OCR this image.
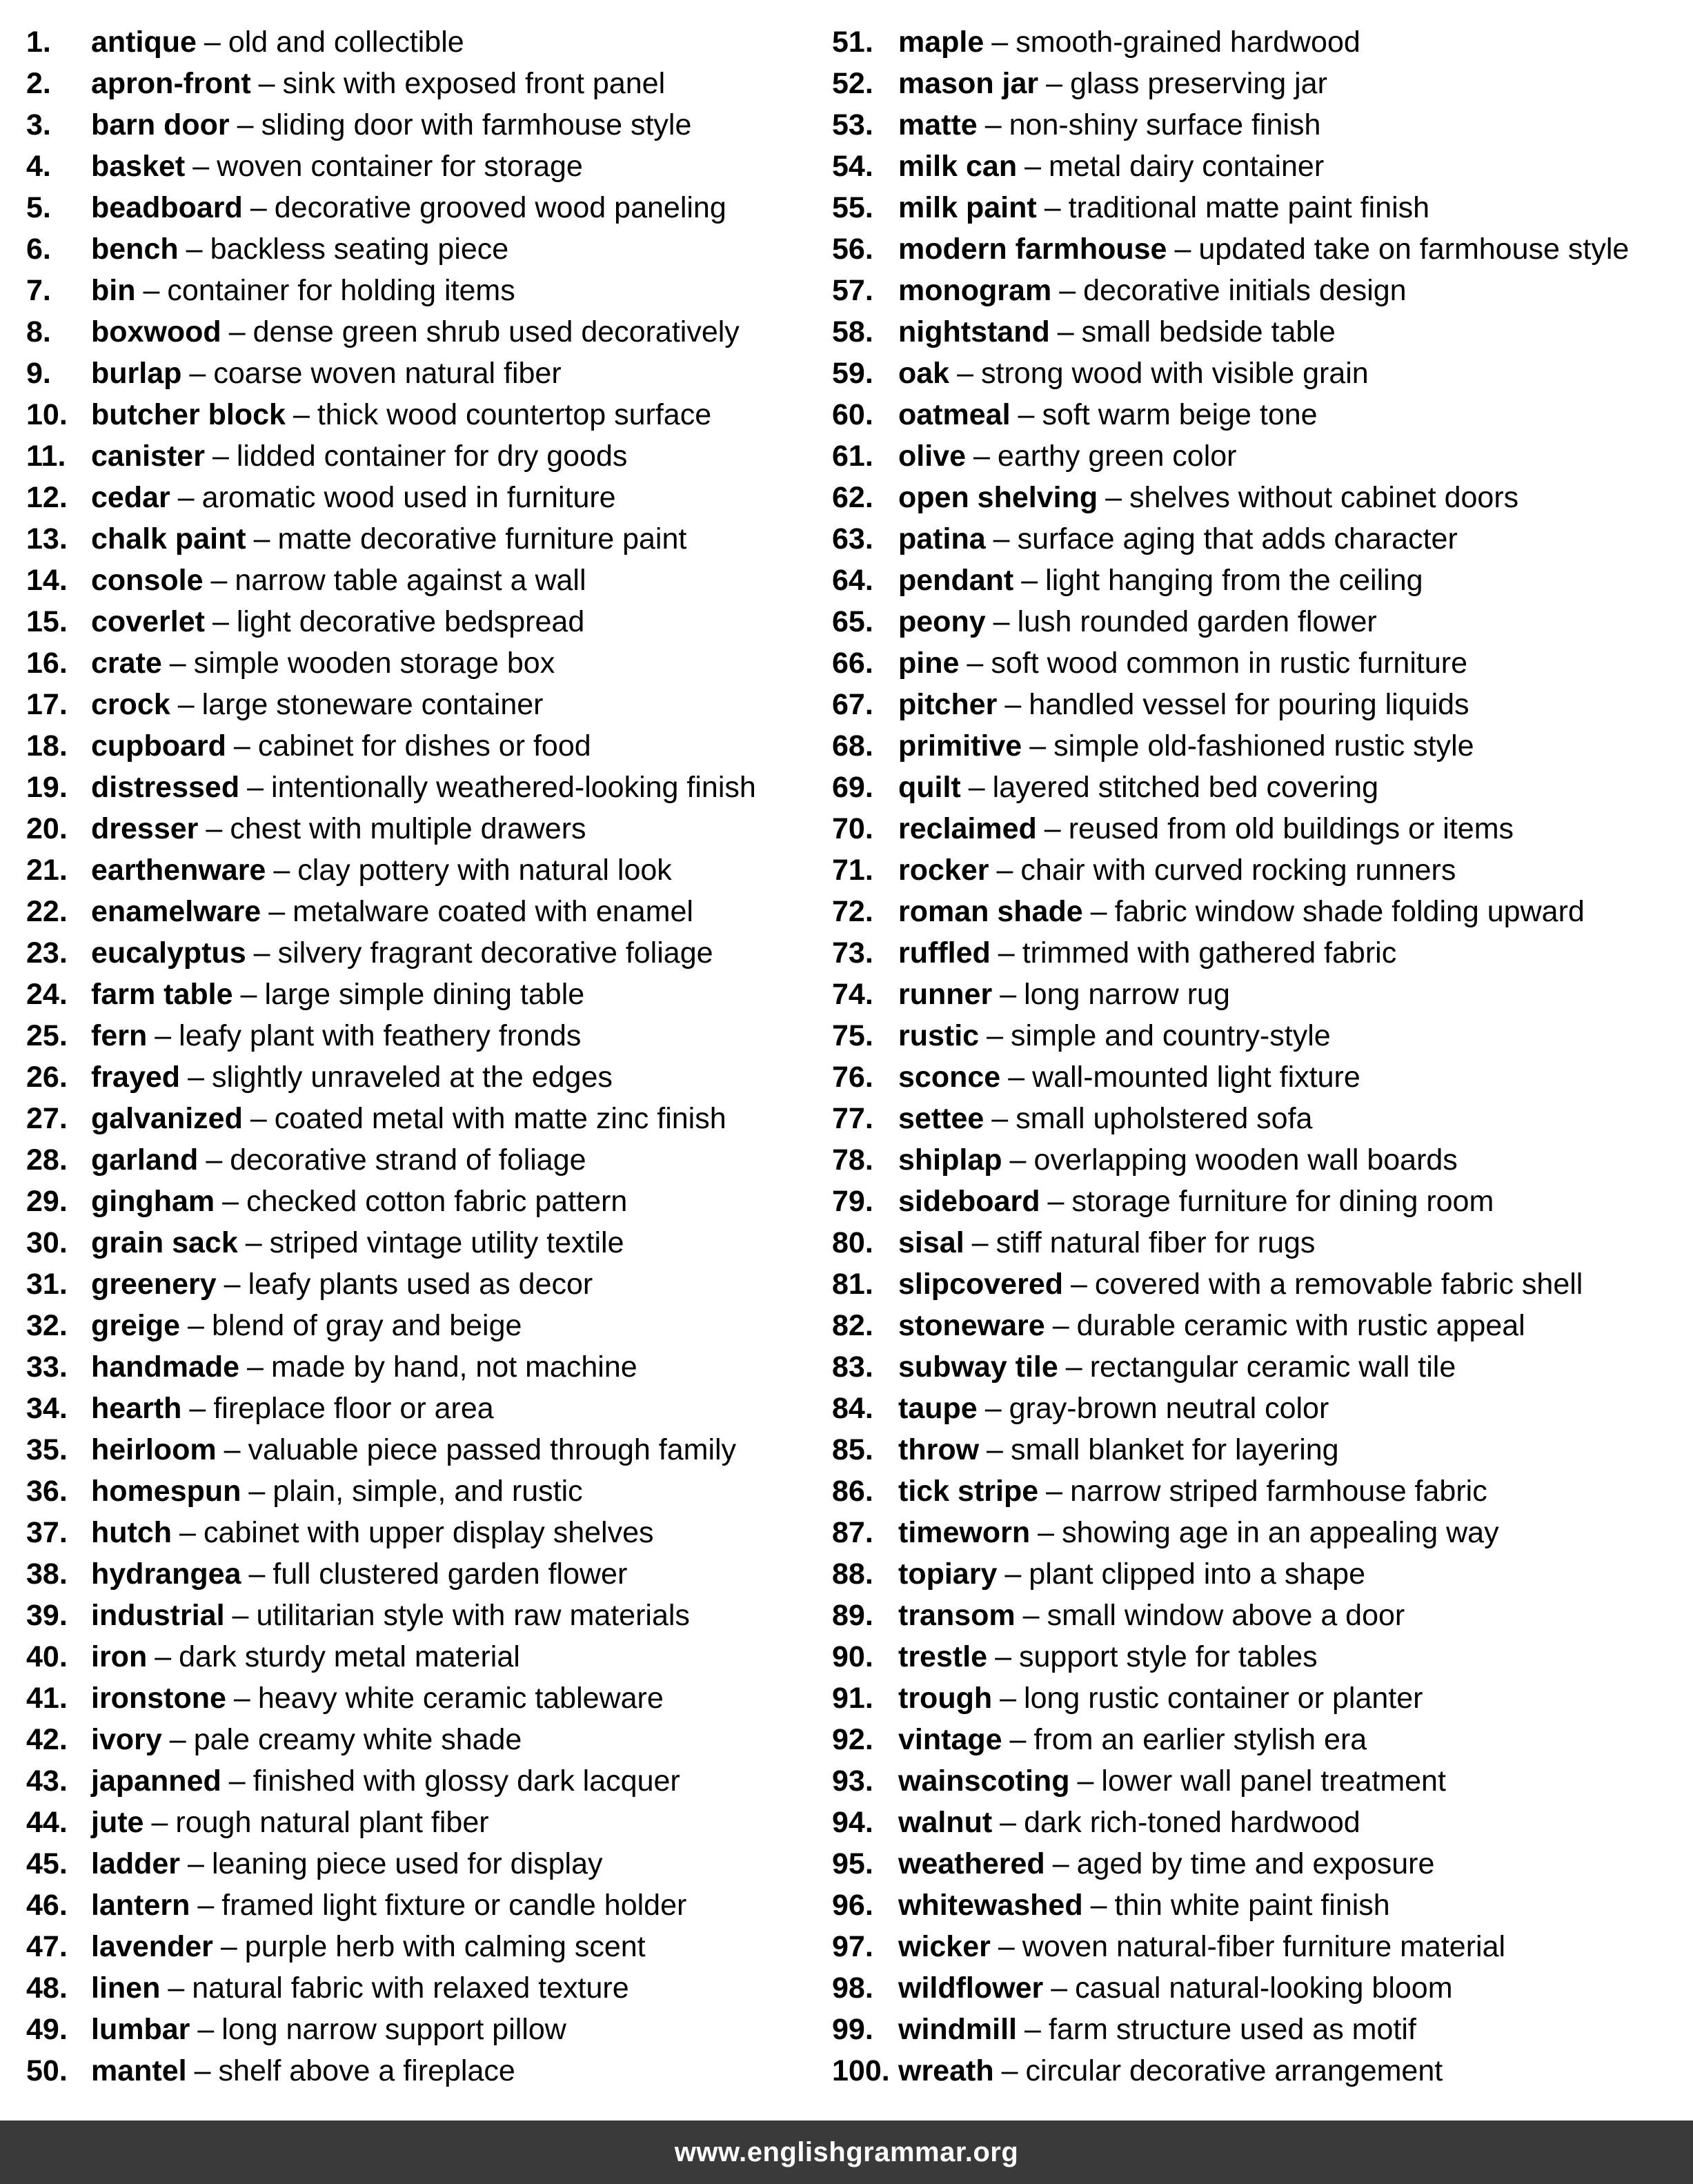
1.	antique – old and collectible
2.	apron-front – sink with exposed front panel
3.	barn door – sliding door with farmhouse style
4.	basket – woven container for storage
5.	beadboard – decorative grooved wood paneling
6.	bench – backless seating piece
7.	bin – container for holding items
8.	boxwood – dense green shrub used decoratively
9.	burlap – coarse woven natural fiber
10. butcher block – thick wood countertop surface
11. canister – lidded container for dry goods
12. cedar – aromatic wood used in furniture
13. chalk paint – matte decorative furniture paint
14. console – narrow table against a wall
15. coverlet – light decorative bedspread
16. crate – simple wooden storage box
17. crock – large stoneware container
18. cupboard – cabinet for dishes or food
19. distressed – intentionally weathered-looking finish
20. dresser – chest with multiple drawers
21. earthenware – clay pottery with natural look
22. enamelware – metalware coated with enamel
23. eucalyptus – silvery fragrant decorative foliage
24. farm table – large simple dining table
25. fern – leafy plant with feathery fronds
26. frayed – slightly unraveled at the edges
27. galvanized – coated metal with matte zinc finish
28. garland – decorative strand of foliage
29. gingham – checked cotton fabric pattern
30. grain sack – striped vintage utility textile
31. greenery – leafy plants used as decor
32. greige – blend of gray and beige
33. handmade – made by hand, not machine
34. hearth – fireplace floor or area
35. heirloom – valuable piece passed through family
36. homespun – plain, simple, and rustic
37. hutch – cabinet with upper display shelves
38. hydrangea – full clustered garden flower
39. industrial – utilitarian style with raw materials
40. iron – dark sturdy metal material
41. ironstone – heavy white ceramic tableware
42. ivory – pale creamy white shade
43. japanned – finished with glossy dark lacquer
44. jute – rough natural plant fiber
45. ladder – leaning piece used for display
46. lantern – framed light fixture or candle holder
47. lavender – purple herb with calming scent
48. linen – natural fabric with relaxed texture
49. lumbar – long narrow support pillow
50. mantel – shelf above a fireplace
51. maple – smooth-grained hardwood
52. mason jar – glass preserving jar
53. matte – non-shiny surface finish
54. milk can – metal dairy container
55. milk paint – traditional matte paint finish
56. modern farmhouse – updated take on farmhouse style
57. monogram – decorative initials design
58. nightstand – small bedside table
59. oak – strong wood with visible grain
60. oatmeal – soft warm beige tone
61. olive – earthy green color
62. open shelving – shelves without cabinet doors
63. patina – surface aging that adds character
64. pendant – light hanging from the ceiling
65. peony – lush rounded garden flower
66. pine – soft wood common in rustic furniture
67. pitcher – handled vessel for pouring liquids
68. primitive – simple old-fashioned rustic style
69. quilt – layered stitched bed covering
70. reclaimed – reused from old buildings or items
71. rocker – chair with curved rocking runners
72. roman shade – fabric window shade folding upward
73. ruffled – trimmed with gathered fabric
74. runner – long narrow rug
75. rustic – simple and country-style
76. sconce – wall-mounted light fixture
77. settee – small upholstered sofa
78. shiplap – overlapping wooden wall boards
79. sideboard – storage furniture for dining room
80. sisal – stiff natural fiber for rugs
81. slipcovered – covered with a removable fabric shell
82. stoneware – durable ceramic with rustic appeal
83. subway tile – rectangular ceramic wall tile
84. taupe – gray-brown neutral color
85. throw – small blanket for layering
86. tick stripe – narrow striped farmhouse fabric
87. timeworn – showing age in an appealing way
88. topiary – plant clipped into a shape
89. transom – small window above a door
90. trestle – support style for tables
91. trough – long rustic container or planter
92. vintage – from an earlier stylish era
93. wainscoting – lower wall panel treatment
94. walnut – dark rich-toned hardwood
95. weathered – aged by time and exposure
96. whitewashed – thin white paint finish
97. wicker – woven natural-fiber furniture material
98. wildflower – casual natural-looking bloom
99. windmill – farm structure used as motif
100. wreath – circular decorative arrangement
www.englishgrammar.org
